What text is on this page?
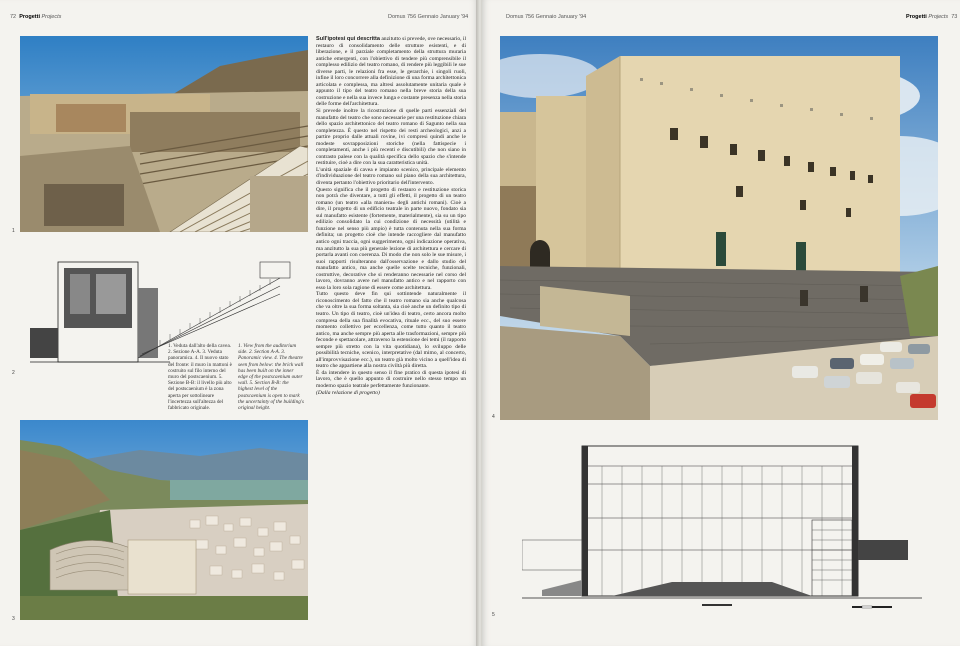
72 Progetti Projects	Domus 756 Gennaio January '94
1
2
1. Veduta dall'alto della cavea. 2. Sezione A-A. 3. Veduta panoramica. 4. Il nuovo stato del fronte: il muro in mattoni è costruito sul filo interno del muro del postscaenium. 5. Sezione B-B: il livello più alto del postscaenium è la zona aperta per sottolineare l'incertezza sull'altezza del fabbricato originale.
1. View from the auditorium side. 2. Section A-A. 3. Panoramic view. 4. The theatre seen from below: the brick wall has been built on the inner edge of the postscaenium outer wall. 5. Section B-B: the highest level of the postscaenium is open to mark the uncertainty of the building's original height.
3

Sull'ipotesi qui descritta anzitutto si prevede, ove necessario, il restauro di consolidamento delle strutture esistenti, e di liberazione, e il parziale completamento della struttura muraria antiche emergenti, con l'obiettivo di tendere più comprensibile il complesso edilizio del teatro romano, di rendere più leggibili le sue diverse parti, le relazioni fra esse, le gerarchie, i singoli ruoli, infine il loro concorrere alla definizione di una forma architettonica articolata e complessa, ma altresì assolutamente unitaria quale è appunto il tipo del teatro romano nella breve storia della sua costruzione e nella sua invece lunga e costante presenza nella storia delle forme dell'architettura.

Si prevede inoltre la ricostruzione di quelle parti essenziali del manufatto del teatro che sono necessarie per una restituzione chiara dello spazio architettonico del teatro romano di Sagunto nella sua completezza. È questo nel rispetto dei resti archeologici, anzi a partire proprio dalle attuali rovine, ivi compresi quindi anche le modeste sovrapposizioni storiche (nella fattispecie i completamenti, anche i più recenti e discutibili) che non siano in contrasto palese con la qualità specifica dello spazio che s'intende restituire, cioè a dire con la sua caratteristica unità.

L'unità spaziale di cavea e impianto scenico, principale elemento d'individuazione del teatro romano sul piano della sua architettura, diventa pertanto l'obiettivo prioritario dell'intervento.

Questo significa che il progetto di restauro e restituzione storica non potrà che diventare, a tutti gli effetti, il progetto di un teatro romano (un teatro «alla maniera» degli antichi romani). Cioè a dire, il progetto di un edificio teatrale in parte nuovo, fondato sia sul manufatto esistente (fortemente, materialmente), sia su un tipo edilizio consolidato la cui condizione di necessità (utilità e funzione nel senso più ampio) è tutta contenuta nella sua forma definita; un progetto cioè che intende raccogliere dal manufatto antico ogni traccia, ogni suggerimento, ogni indicazione operativa, ma anzitutto la sua più generale lezione di architettura e cercare di portarla avanti con coerenza. Di modo che non solo le sue misure, i suoi rapporti risulteranno dall'osservazione e dallo studio del manufatto antico, ma anche quelle scelte tecniche, funzionali, costruttive, decorative che si renderanno necessarie nel corso del lavoro, dovranno avere nel manufatto antico e nel rapporto con esso la loro sola ragione di essere come architettura.

Tutto questo deve fin qui sottintende naturalmente il riconoscimento del fatto che il teatro romano sia anche qualcosa che va oltre la sua forma soltanta, sia cioè anche un definito tipo di teatro. Un tipo di teatro, cioè un'idea di teatro, certo ancora molto compresa della sua finalità evocativa, rituale ecc., del suo essere momento collettivo per eccellenza, come tutto quanto il teatro antico, ma anche sempre più aperta alle trasformazioni, sempre più feconde e spettacolare, attraverso la estensione dei temi (il rapporto sempre più stretto con la vita quotidiana), lo sviluppo delle possibilità tecniche, scenico, interpretative (dal mimo, al concerto, all'improvvisazione ecc.), un teatro già molto vicino a quell'idea di teatro che appartiene alla nostra civiltà più diretta.

È da intendere in questo senso il fine pratico di questa ipotesi di lavoro, che è quello appunto di costruire nello stesso tempo un moderno spazio teatrale perfettamente funzionante.

(Dalla relazione di progetto)

Domus 756 Gennaio January '94	Progetti Projects 73
4
5
